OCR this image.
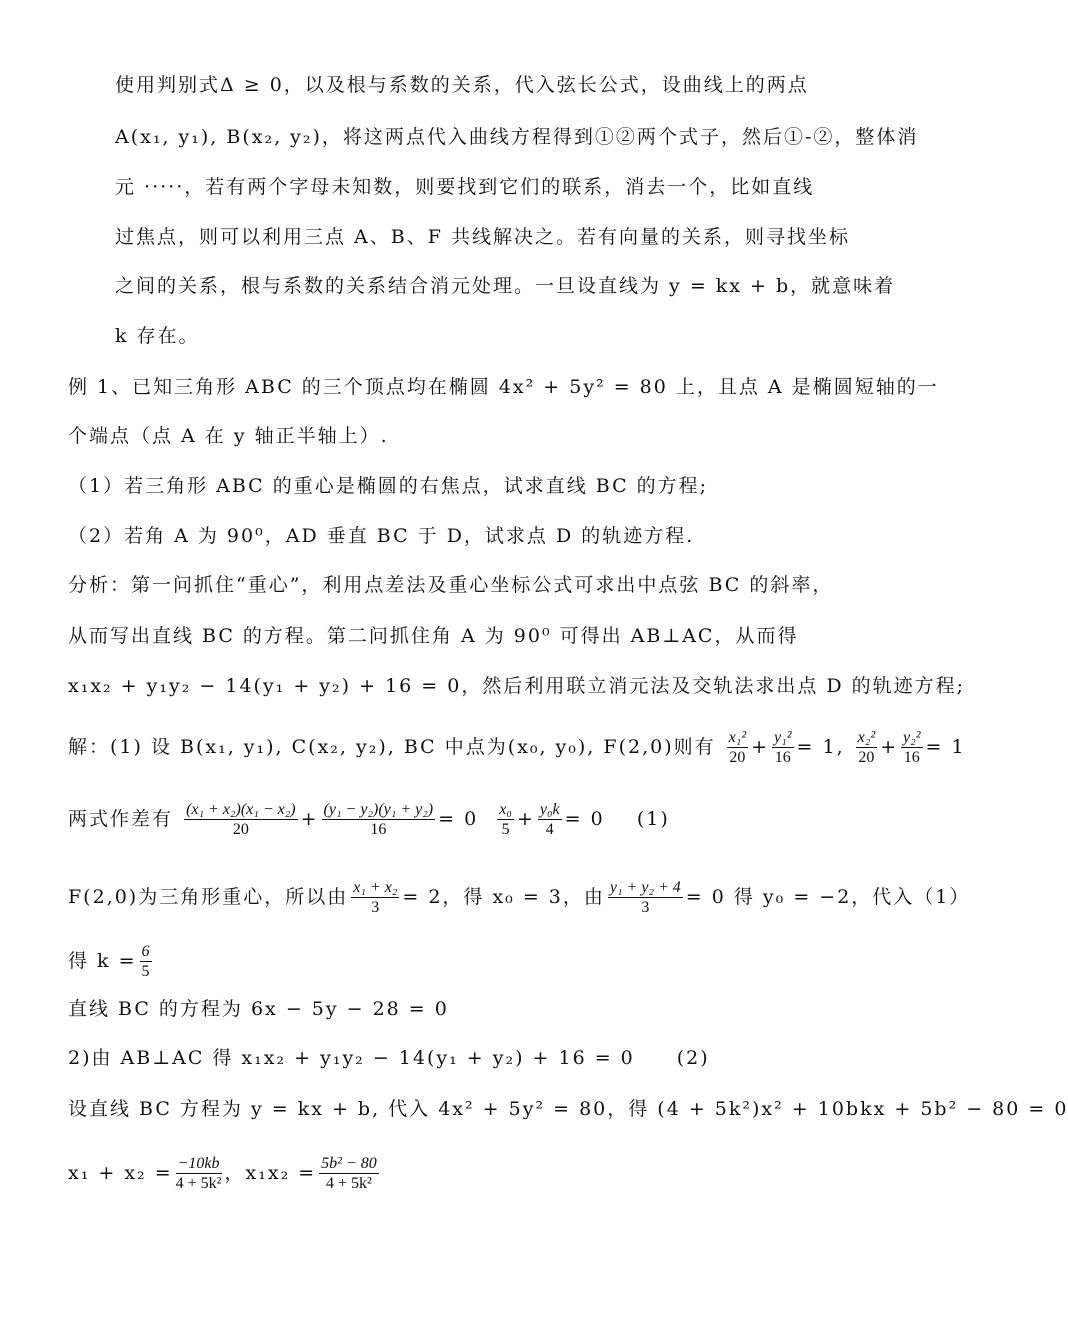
使用判别式Δ ≥ 0，以及根与系数的关系，代入弦长公式，设曲线上的两点
A(x₁, y₁), B(x₂, y₂)，将这两点代入曲线方程得到①②两个式子，然后①-②，整体消
元 ·····，若有两个字母未知数，则要找到它们的联系，消去一个，比如直线
过焦点，则可以利用三点 A、B、F 共线解决之。若有向量的关系，则寻找坐标
之间的关系，根与系数的关系结合消元处理。一旦设直线为 y = kx + b，就意味着
k 存在。
例 1、已知三角形 ABC 的三个顶点均在椭圆 4x² + 5y² = 80 上，且点 A 是椭圆短轴的一
个端点（点 A 在 y 轴正半轴上）.
（1）若三角形 ABC 的重心是椭圆的右焦点，试求直线 BC 的方程;
（2）若角 A 为 90⁰，AD 垂直 BC 于 D，试求点 D 的轨迹方程.
分析：第一问抓住“重心”，利用点差法及重心坐标公式可求出中点弦 BC 的斜率，
从而写出直线 BC 的方程。第二问抓住角 A 为 90⁰ 可得出 AB⊥AC，从而得
x₁x₂ + y₁y₂ − 14(y₁ + y₂) + 16 = 0，然后利用联立消元法及交轨法求出点 D 的轨迹方程;
解：(1) 设 B(x₁, y₁), C(x₂, y₂), BC 中点为(x₀, y₀), F(2,0)则有 $\frac{\text{x₁²}}{20} + \frac{\text{y₁²}}{16} = 1$, $\frac{\text{x₂²}}{20} + \frac{\text{y₂²}}{16} = 1$
两式作差有 $\frac{\text{(x₁ + x₂)(x₁ − x₂)}}{20} + \frac{\text{(y₁ − y₂)(y₁ + y₂)}}{16} = 0 \frac{\text{x₀}}{5} + \frac{\text{y₀k}}{4} = 0$ (1)
F(2,0)为三角形重心，所以由 $\frac{\text{x₁ + x₂}}{3} = 2$，得 x₀ = 3，由 $\frac{\text{y₁ + y₂ + 4}}{3} = 0$ 得 y₀ = −2，代入（1）
得 $k = \frac{6}{5}$
直线 BC 的方程为 6x − 5y − 28 = 0
2)由 AB⊥AC 得 x₁x₂ + y₁y₂ − 14(y₁ + y₂) + 16 = 0　　(2)
设直线 BC 方程为 y = kx + b, 代入 4x² + 5y² = 80，得 (4 + 5k²)x² + 10bkx + 5b² − 80 = 0
$x_1 + x_2 = \frac{-10kb}{\text{4 + 5k²}}$ ，$x_1x_2 = \frac{\text{5b² − 80}}{\text{4 + 5k²}}$
